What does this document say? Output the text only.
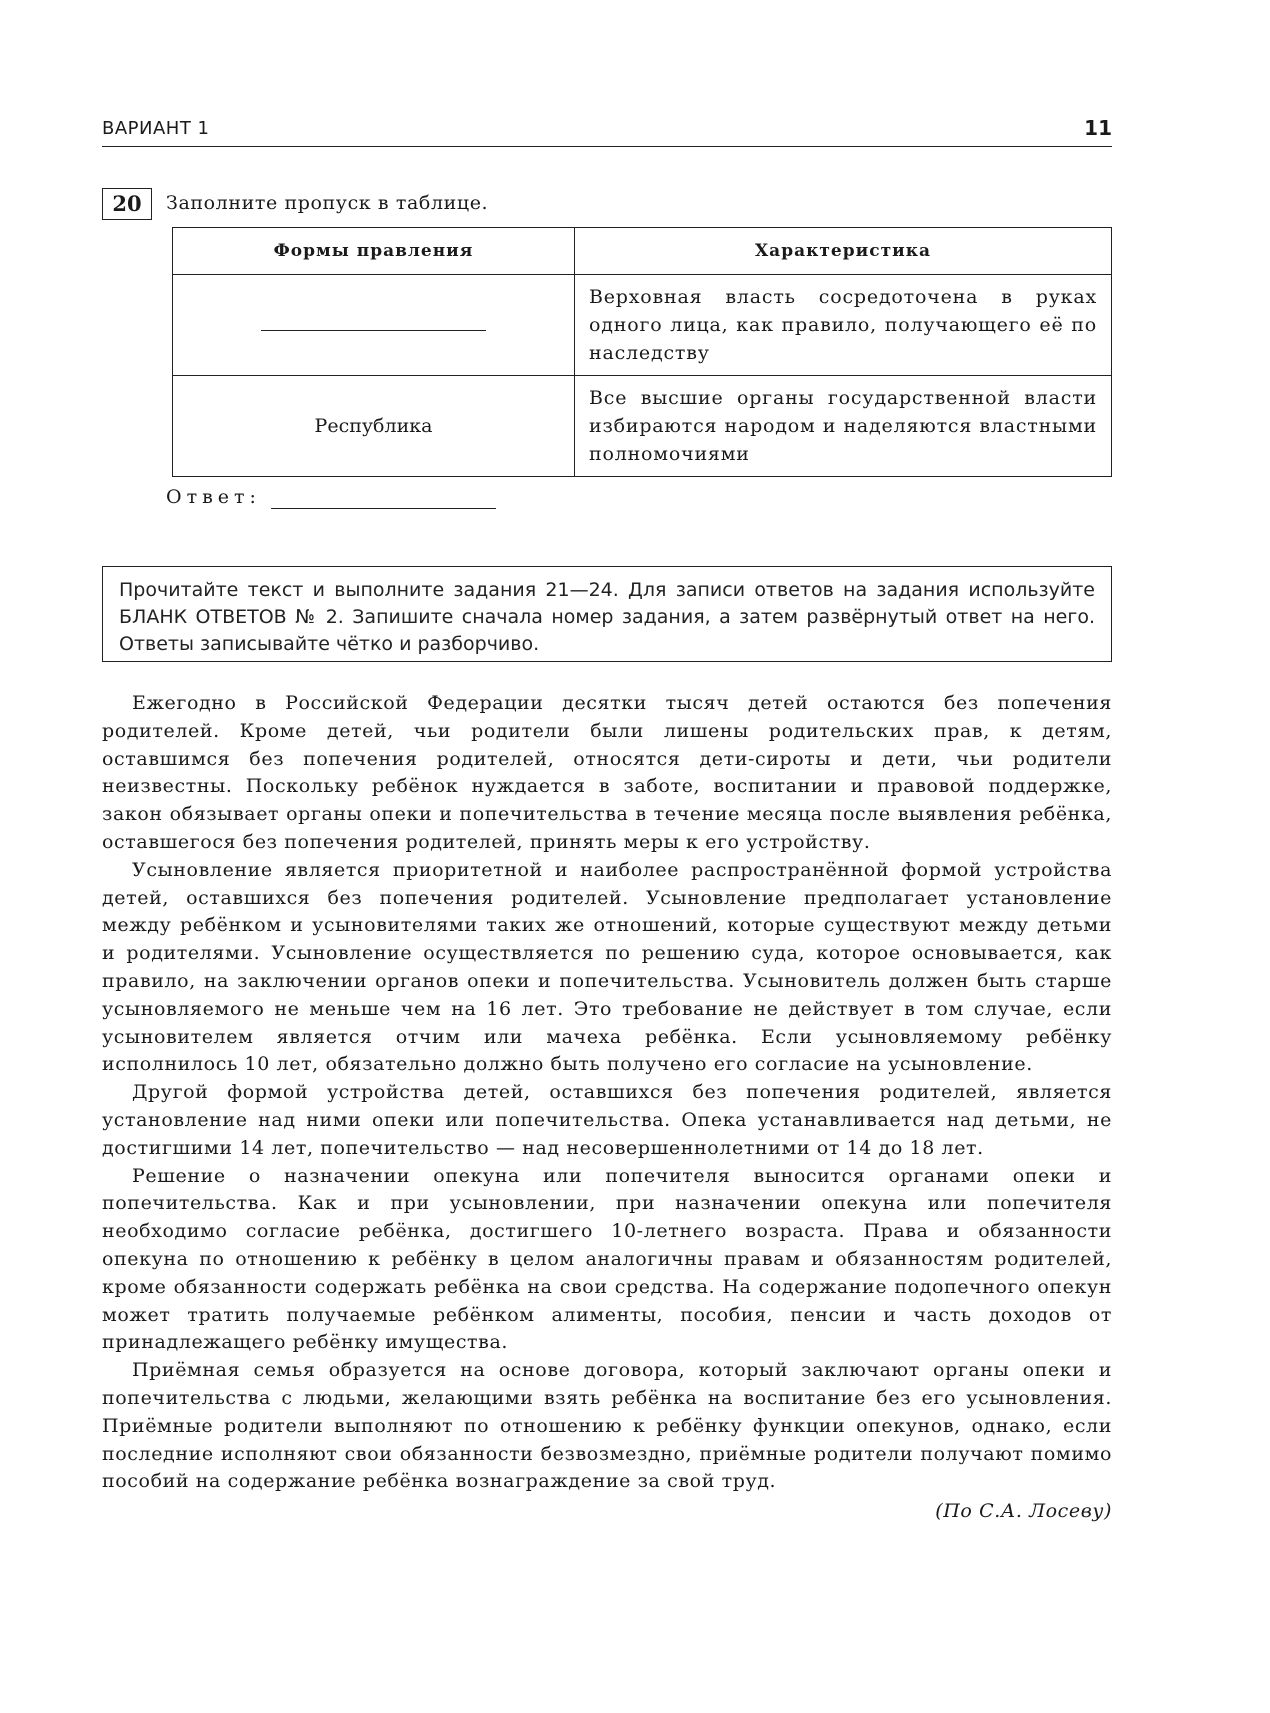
ВАРИАНТ 1	11
20	Заполните пропуск в таблице.
Формы правления	Характеристика
	Верховная власть сосредоточена в руках одного лица, как правило, получающего её по наследству
Республика	Все высшие органы государственной власти избираются народом и наделяются властными полномочиями
Ответ:
Прочитайте текст и выполните задания 21—24. Для записи ответов на задания используйте БЛАНК ОТВЕТОВ № 2. Запишите сначала номер задания, а затем развёрнутый ответ на него. Ответы записывайте чётко и разборчиво.

Ежегодно в Российской Федерации десятки тысяч детей остаются без попечения родителей. Кроме детей, чьи родители были лишены родительских прав, к детям, оставшимся без попечения родителей, относятся дети-сироты и дети, чьи родители неизвестны. Поскольку ребёнок нуждается в заботе, воспитании и правовой поддержке, закон обязывает органы опеки и попечительства в течение месяца после выявления ребёнка, оставшегося без попечения родителей, принять меры к его устройству.

Усыновление является приоритетной и наиболее распространённой формой устройства детей, оставшихся без попечения родителей. Усыновление предполагает установление между ребёнком и усыновителями таких же отношений, которые существуют между детьми и родителями. Усыновление осуществляется по решению суда, которое основывается, как правило, на заключении органов опеки и попечительства. Усыновитель должен быть старше усыновляемого не меньше чем на 16 лет. Это требование не действует в том случае, если усыновителем является отчим или мачеха ребёнка. Если усыновляемому ребёнку исполнилось 10 лет, обязательно должно быть получено его согласие на усыновление.

Другой формой устройства детей, оставшихся без попечения родителей, является установление над ними опеки или попечительства. Опека устанавливается над детьми, не достигшими 14 лет, попечительство — над несовершеннолетними от 14 до 18 лет.

Решение о назначении опекуна или попечителя выносится органами опеки и попечительства. Как и при усыновлении, при назначении опекуна или попечителя необходимо согласие ребёнка, достигшего 10-летнего возраста. Права и обязанности опекуна по отношению к ребёнку в целом аналогичны правам и обязанностям родителей, кроме обязанности содержать ребёнка на свои средства. На содержание подопечного опекун может тратить получаемые ребёнком алименты, пособия, пенсии и часть доходов от принадлежащего ребёнку имущества.

Приёмная семья образуется на основе договора, который заключают органы опеки и попечительства с людьми, желающими взять ребёнка на воспитание без его усыновления. Приёмные родители выполняют по отношению к ребёнку функции опекунов, однако, если последние исполняют свои обязанности безвозмездно, приёмные родители получают помимо пособий на содержание ребёнка вознаграждение за свой труд.

(По С.А. Лосеву)
